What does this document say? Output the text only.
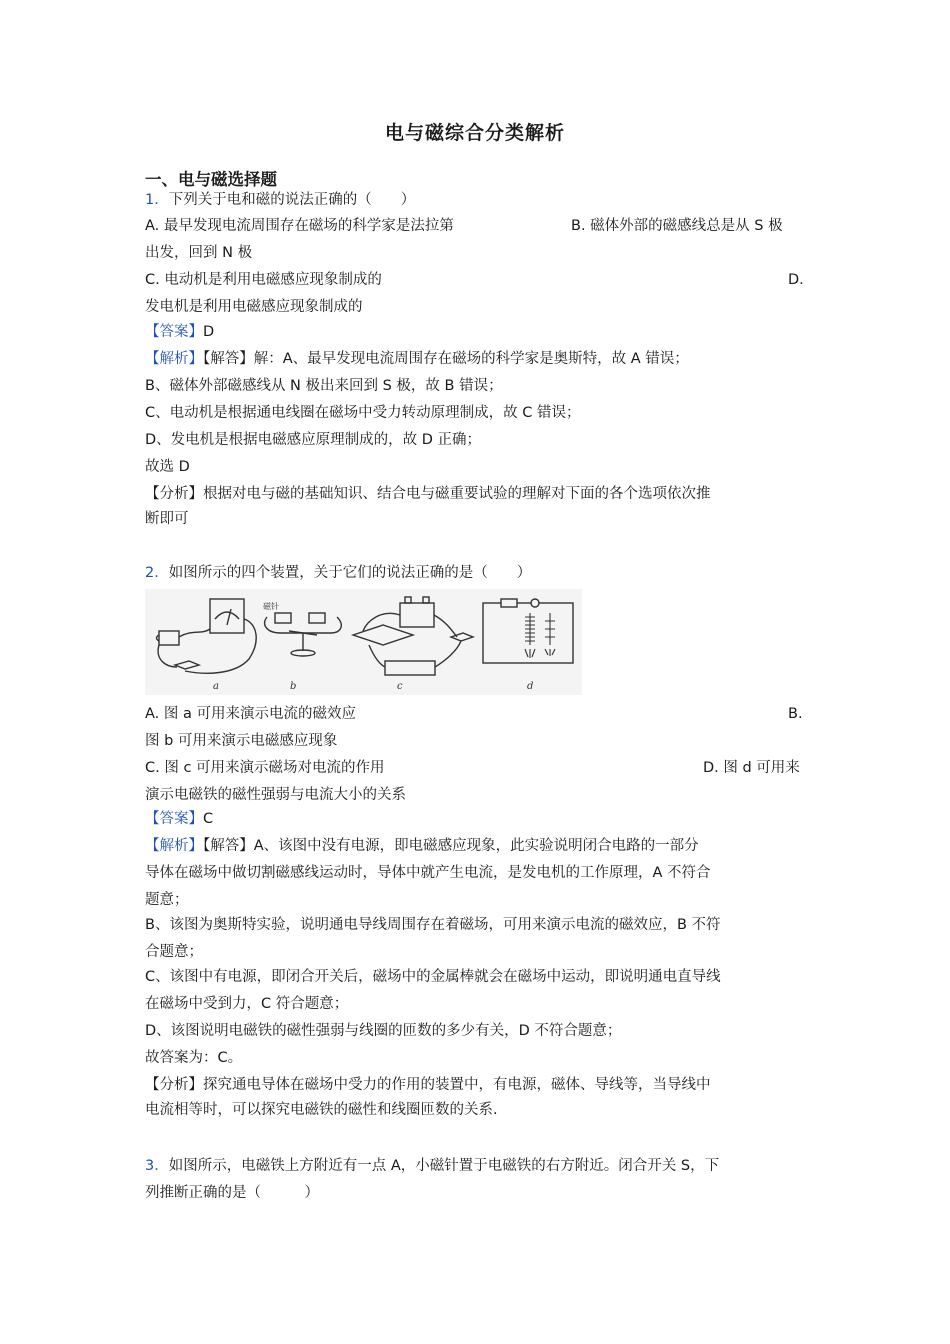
电与磁综合分类解析
一、电与磁选择题
1．下列关于电和磁的说法正确的（　　）
A. 最早发现电流周围存在磁场的科学家是法拉第	B. 磁体外部的磁感线总是从 S 极
出发，回到 N 极
C. 电动机是利用电磁感应现象制成的	D.
发电机是利用电磁感应现象制成的
【答案】D
【解析】【解答】解：A、最早发现电流周围存在磁场的科学家是奥斯特，故 A 错误；
B、磁体外部磁感线从 N 极出来回到 S 极，故 B 错误；
C、电动机是根据通电线圈在磁场中受力转动原理制成，故 C 错误；
D、发电机是根据电磁感应原理制成的，故 D 正确；
故选 D
【分析】根据对电与磁的基础知识、结合电与磁重要试验的理解对下面的各个选项依次推
断即可
2．如图所示的四个装置，关于它们的说法正确的是（　　）
a	b	c	d
磁针
A. 图 a 可用来演示电流的磁效应	B.
图 b 可用来演示电磁感应现象
C. 图 c 可用来演示磁场对电流的作用	D. 图 d 可用来
演示电磁铁的磁性强弱与电流大小的关系
【答案】C
【解析】【解答】A、该图中没有电源，即电磁感应现象，此实验说明闭合电路的一部分
导体在磁场中做切割磁感线运动时，导体中就产生电流，是发电机的工作原理，A 不符合
题意；
B、该图为奥斯特实验，说明通电导线周围存在着磁场，可用来演示电流的磁效应，B 不符
合题意；
C、该图中有电源，即闭合开关后，磁场中的金属棒就会在磁场中运动，即说明通电直导线
在磁场中受到力，C 符合题意；
D、该图说明电磁铁的磁性强弱与线圈的匝数的多少有关，D 不符合题意；
故答案为：C。
【分析】探究通电导体在磁场中受力的作用的装置中，有电源，磁体、导线等，当导线中
电流相等时，可以探究电磁铁的磁性和线圈匝数的关系.
3．如图所示，电磁铁上方附近有一点 A，小磁针置于电磁铁的右方附近。闭合开关 S，下
列推断正确的是（　　　）
